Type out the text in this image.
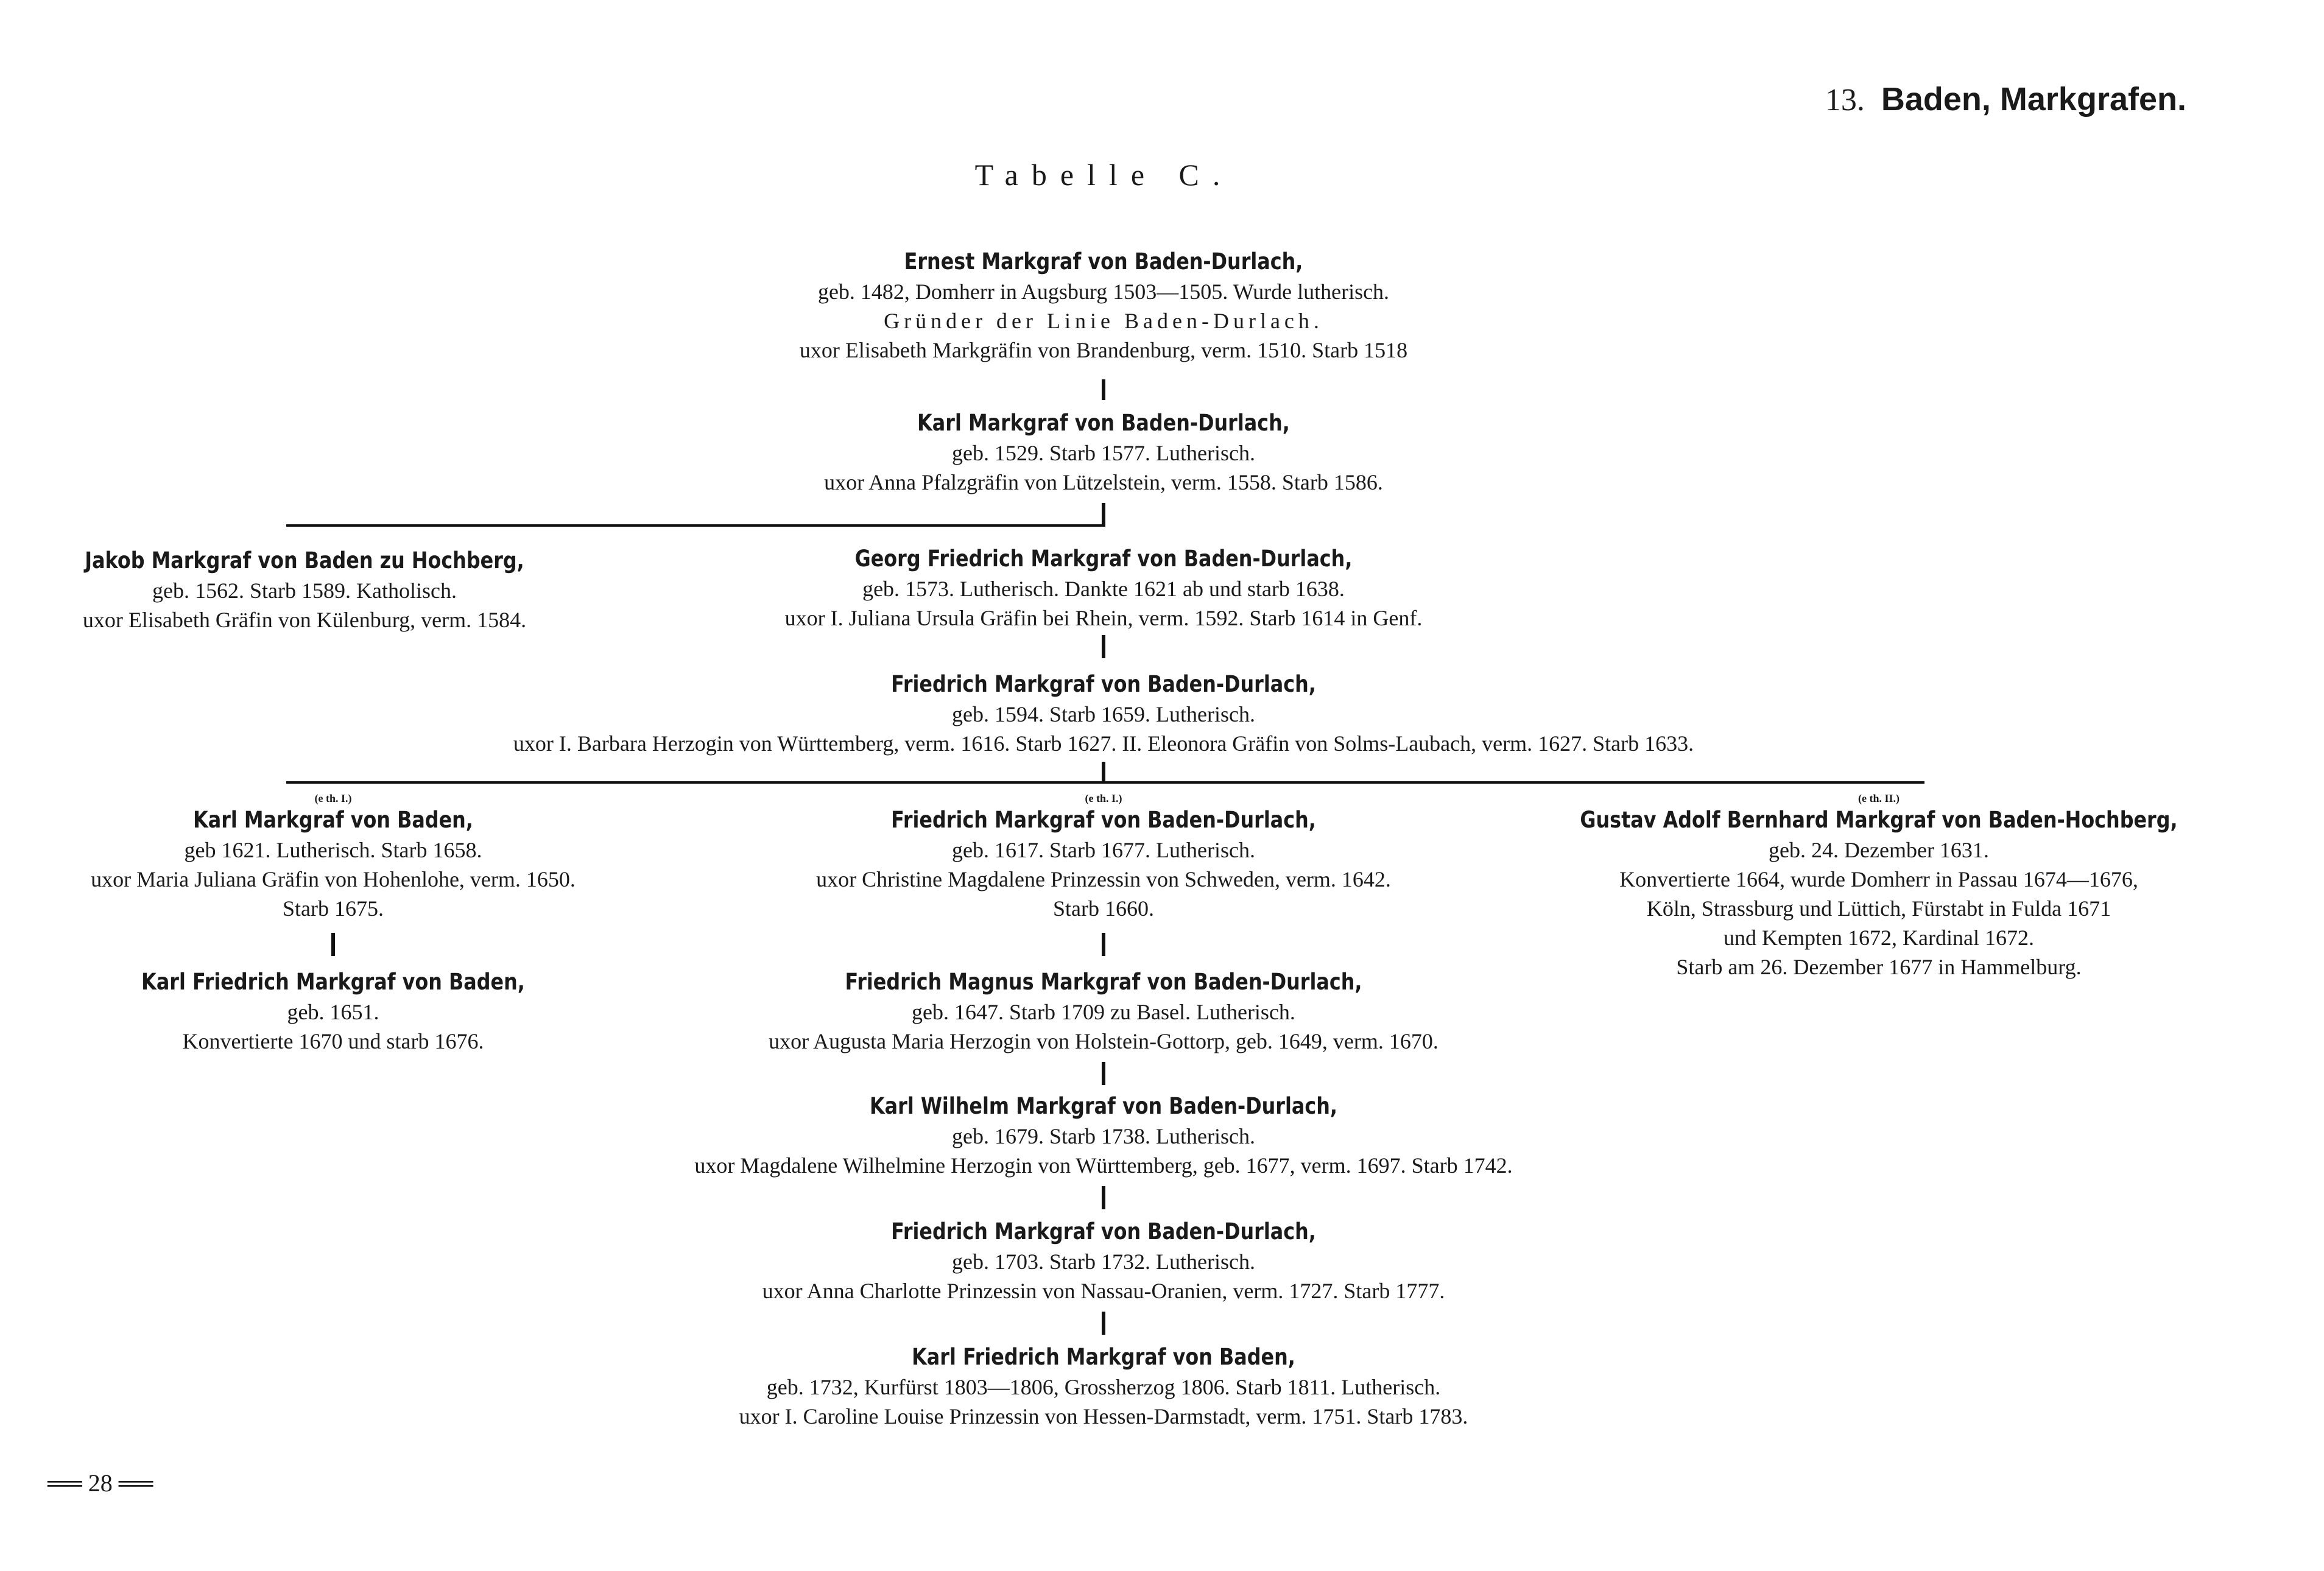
13. Baden, Markgrafen.
Tabelle C.
Ernest Markgraf von Baden-Durlach,
geb. 1482, Domherr in Augsburg 1503—1505. Wurde lutherisch.
Gründer der Linie Baden-Durlach.
uxor Elisabeth Markgräfin von Brandenburg, verm. 1510. Starb 1518
Karl Markgraf von Baden-Durlach,
geb. 1529. Starb 1577. Lutherisch.
uxor Anna Pfalzgräfin von Lützelstein, verm. 1558. Starb 1586.
Jakob Markgraf von Baden zu Hochberg,
geb. 1562. Starb 1589. Katholisch.
uxor Elisabeth Gräfin von Külenburg, verm. 1584.
Georg Friedrich Markgraf von Baden-Durlach,
geb. 1573. Lutherisch. Dankte 1621 ab und starb 1638.
uxor I. Juliana Ursula Gräfin bei Rhein, verm. 1592. Starb 1614 in Genf.
Friedrich Markgraf von Baden-Durlach,
geb. 1594. Starb 1659. Lutherisch.
uxor I. Barbara Herzogin von Württemberg, verm. 1616. Starb 1627. II. Eleonora Gräfin von Solms-Laubach, verm. 1627. Starb 1633.
(e th. I.)
Karl Markgraf von Baden,
geb 1621. Lutherisch. Starb 1658.
uxor Maria Juliana Gräfin von Hohenlohe, verm. 1650.
Starb 1675.
(e th. I.)
Friedrich Markgraf von Baden-Durlach,
geb. 1617. Starb 1677. Lutherisch.
uxor Christine Magdalene Prinzessin von Schweden, verm. 1642.
Starb 1660.
(e th. II.)
Gustav Adolf Bernhard Markgraf von Baden-Hochberg,
geb. 24. Dezember 1631.
Konvertierte 1664, wurde Domherr in Passau 1674—1676,
Köln, Strassburg und Lüttich, Fürstabt in Fulda 1671
und Kempten 1672, Kardinal 1672.
Starb am 26. Dezember 1677 in Hammelburg.
Karl Friedrich Markgraf von Baden,
geb. 1651.
Konvertierte 1670 und starb 1676.
Friedrich Magnus Markgraf von Baden-Durlach,
geb. 1647. Starb 1709 zu Basel. Lutherisch.
uxor Augusta Maria Herzogin von Holstein-Gottorp, geb. 1649, verm. 1670.
Karl Wilhelm Markgraf von Baden-Durlach,
geb. 1679. Starb 1738. Lutherisch.
uxor Magdalene Wilhelmine Herzogin von Württemberg, geb. 1677, verm. 1697. Starb 1742.
Friedrich Markgraf von Baden-Durlach,
geb. 1703. Starb 1732. Lutherisch.
uxor Anna Charlotte Prinzessin von Nassau-Oranien, verm. 1727. Starb 1777.
Karl Friedrich Markgraf von Baden,
geb. 1732, Kurfürst 1803—1806, Grossherzog 1806. Starb 1811. Lutherisch.
uxor I. Caroline Louise Prinzessin von Hessen-Darmstadt, verm. 1751. Starb 1783.
══ 28 ══
